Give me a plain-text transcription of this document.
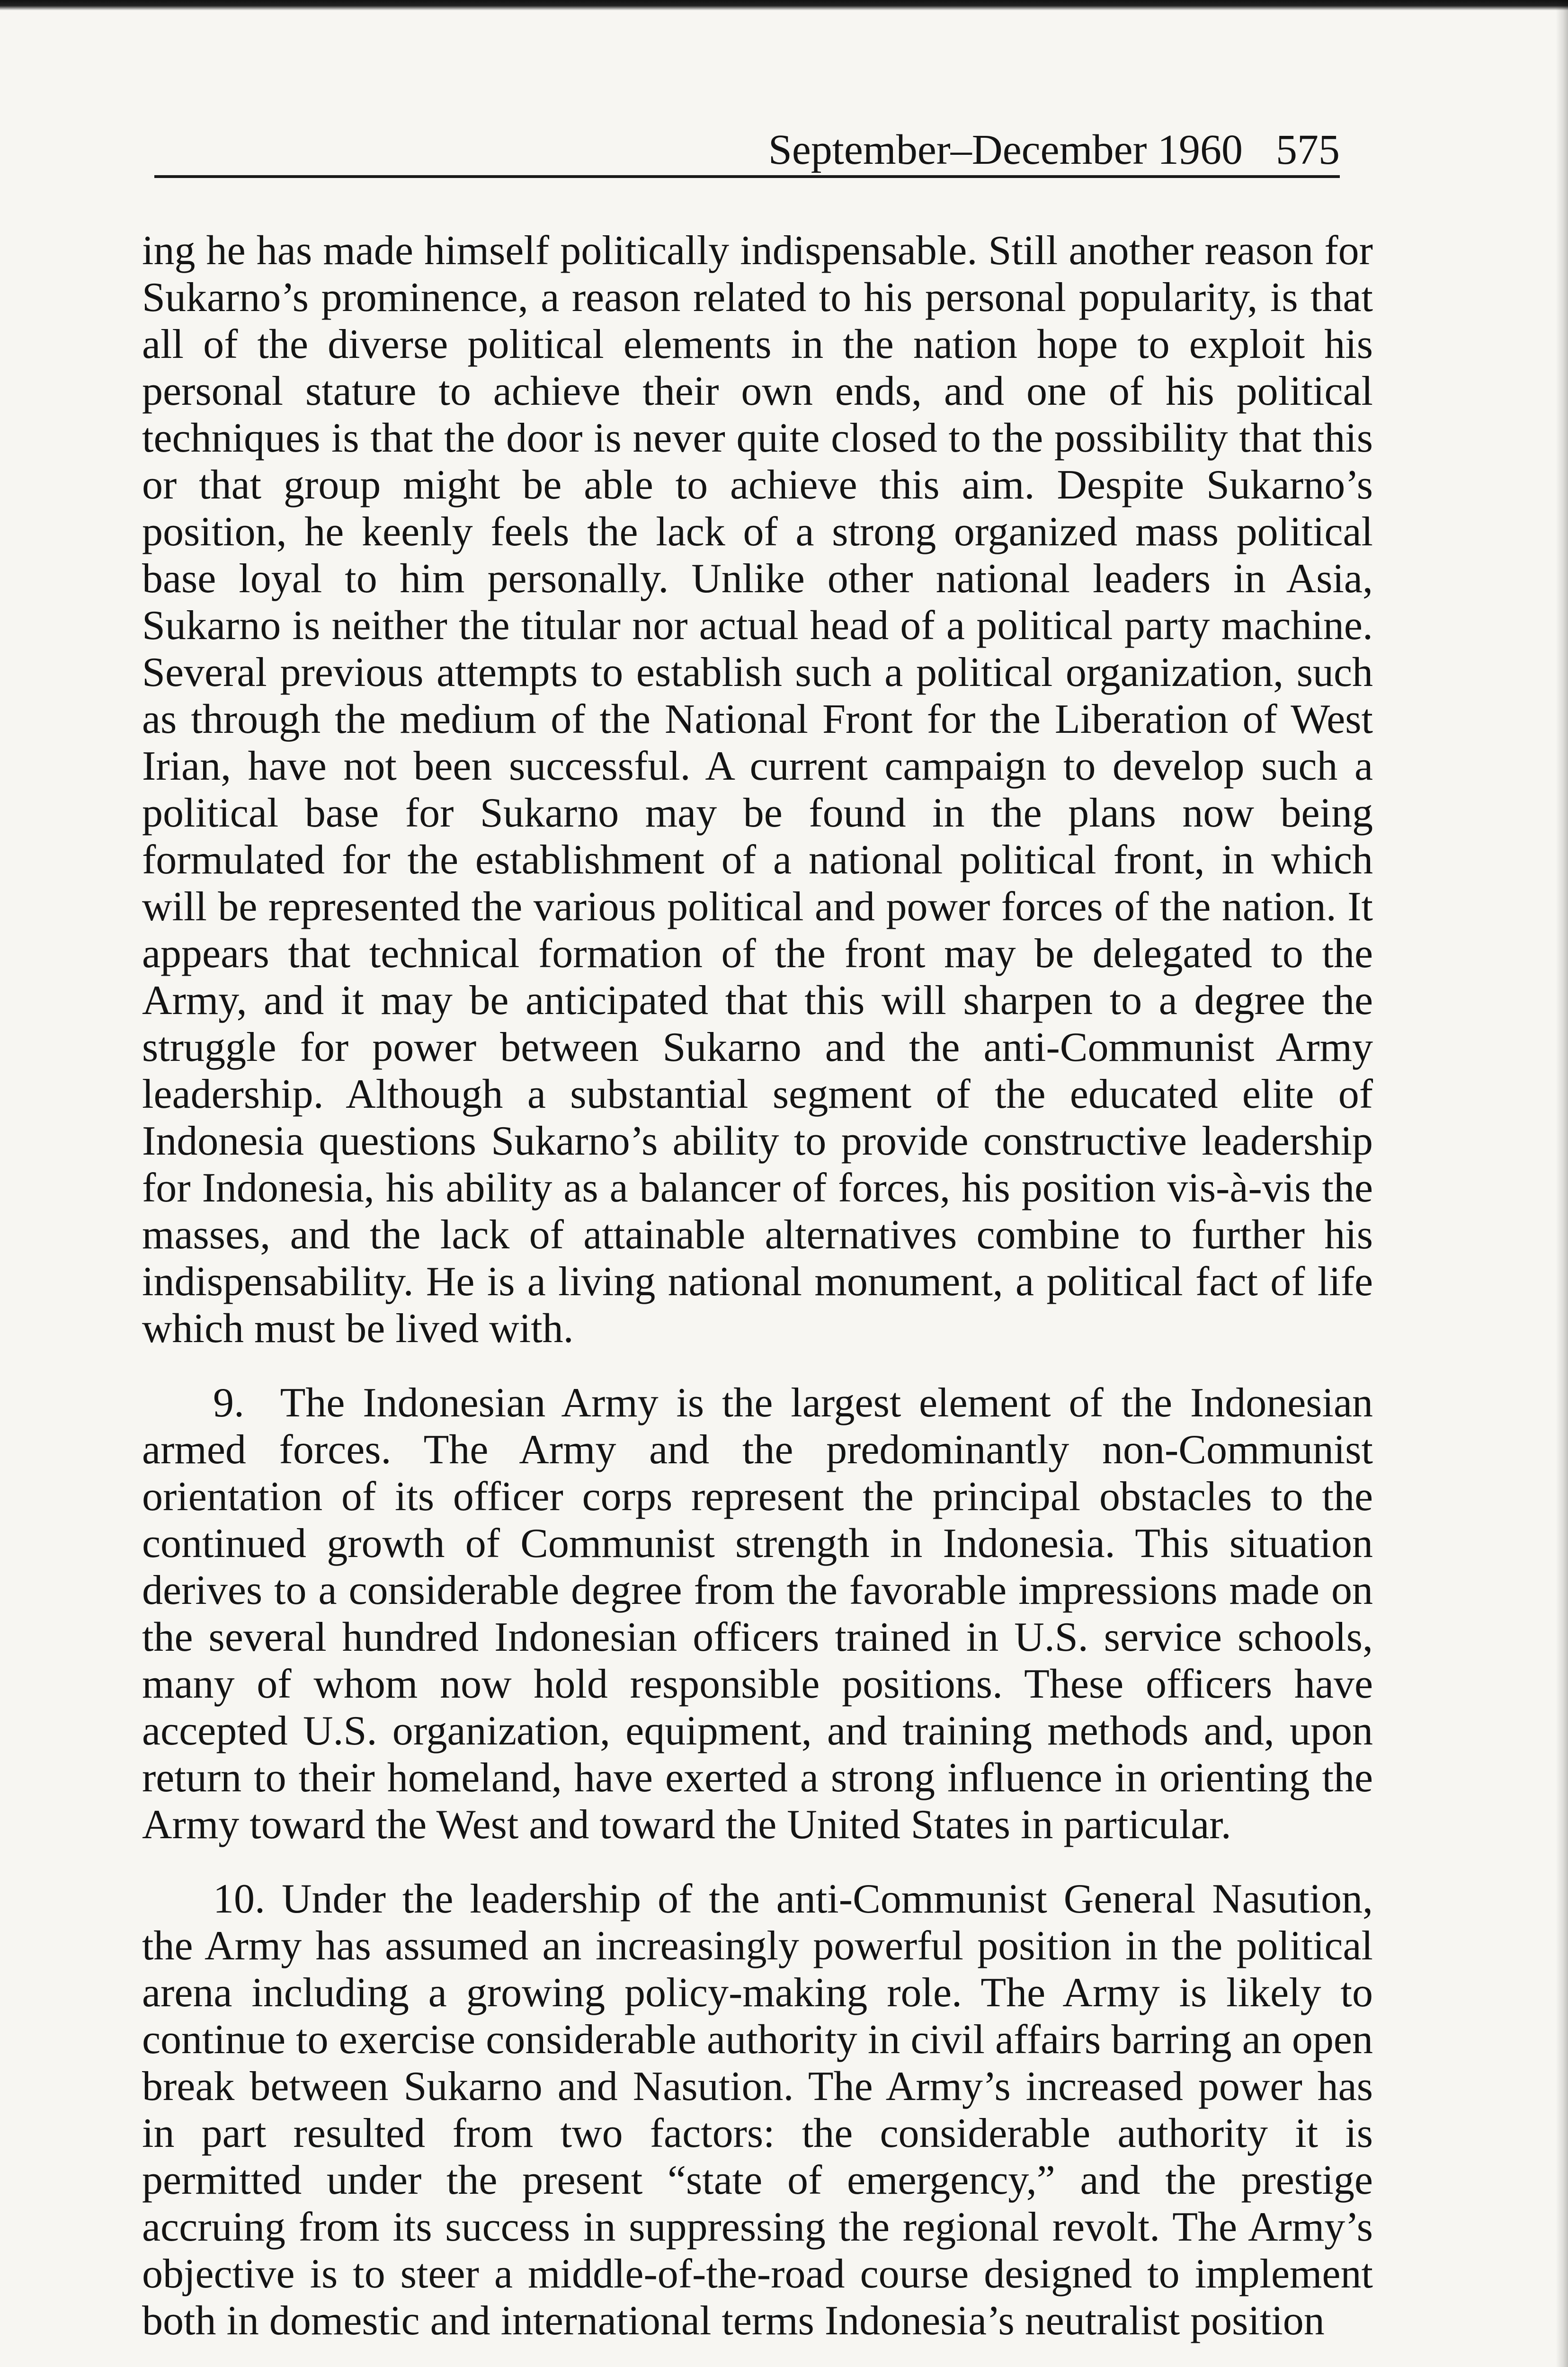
September–December 1960 575

ing he has made himself politically indispensable. Still another reason for Sukarno’s prominence, a reason related to his personal popularity, is that all of the diverse political elements in the nation hope to exploit his personal stature to achieve their own ends, and one of his political techniques is that the door is never quite closed to the possibility that this or that group might be able to achieve this aim. Despite Sukarno’s position, he keenly feels the lack of a strong organized mass political base loyal to him personally. Unlike other national leaders in Asia, Sukarno is neither the titular nor actual head of a political party machine. Several previous attempts to establish such a political organization, such as through the medium of the National Front for the Liberation of West Irian, have not been successful. A current campaign to develop such a political base for Sukarno may be found in the plans now being formulated for the establishment of a national political front, in which will be represented the various political and power forces of the nation. It appears that technical formation of the front may be delegated to the Army, and it may be anticipated that this will sharpen to a degree the struggle for power between Sukarno and the anti-Communist Army leadership. Although a substantial segment of the educated elite of Indonesia questions Sukarno’s ability to provide constructive leadership for Indonesia, his ability as a balancer of forces, his position vis-à-vis the masses, and the lack of attainable alternatives combine to further his indispensability. He is a living national monument, a political fact of life which must be lived with.

9. The Indonesian Army is the largest element of the Indonesian armed forces. The Army and the predominantly non-Communist orientation of its officer corps represent the principal obstacles to the continued growth of Communist strength in Indonesia. This situation derives to a considerable degree from the favorable impressions made on the several hundred Indonesian officers trained in U.S. service schools, many of whom now hold responsible positions. These officers have accepted U.S. organization, equipment, and training methods and, upon return to their homeland, have exerted a strong influence in orienting the Army toward the West and toward the United States in particular.

10. Under the leadership of the anti-Communist General Nasution, the Army has assumed an increasingly powerful position in the political arena including a growing policy-making role. The Army is likely to continue to exercise considerable authority in civil affairs barring an open break between Sukarno and Nasution. The Army’s increased power has in part resulted from two factors: the considerable authority it is permitted under the present “state of emergency,” and the prestige accruing from its success in suppressing the regional revolt. The Army’s objective is to steer a middle-of-the-road course designed to implement both in domestic and international terms Indonesia’s neutralist position
